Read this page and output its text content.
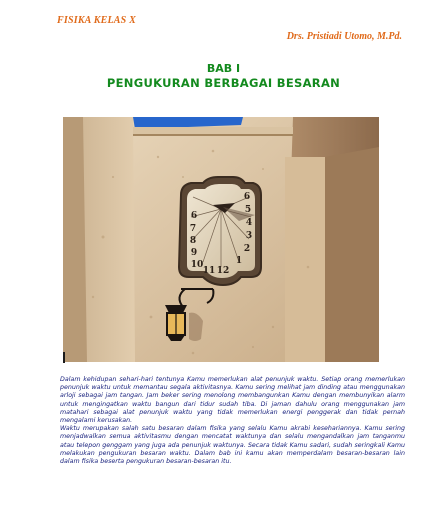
FISIKA KELAS X
Drs. Pristiadi Utomo, M.Pd.
BAB I
PENGUKURAN BERBAGAI BESARAN
6
7
8
9
10
11 12
1
2
3
4
5
6

Dalam kehidupan sehari-hari tentunya Kamu memerlukan alat penunjuk waktu. Setiap orang memerlukan penunjuk waktu untuk memantau segala aktivitasnya. Kamu sering melihat jam dinding atau menggunakan arloji sebagai jam tangan. Jam beker sering menolong membangunkan Kamu dengan membunyikan alarm untuk mengingatkan waktu bangun dari tidur sudah tiba. Di jaman dahulu orang menggunakan jam matahari sebagai alat penunjuk waktu yang tidak memerlukan energi penggerak dan tidak pernah mengalami kerusakan.

Waktu merupakan salah satu besaran dalam fisika yang selalu Kamu akrabi kesehariannya. Kamu sering menjadwalkan semua aktivitasmu dengan mencatat waktunya dan selalu mengandalkan jam tanganmu atau telepon genggam yang juga ada penunjuk waktunya. Secara tidak Kamu sadari, sudah seringkali Kamu melakukan pengukuran besaran waktu. Dalam bab ini kamu akan memperdalam besaran-besaran lain dalam fisika beserta pengukuran besaran-besaran itu.
